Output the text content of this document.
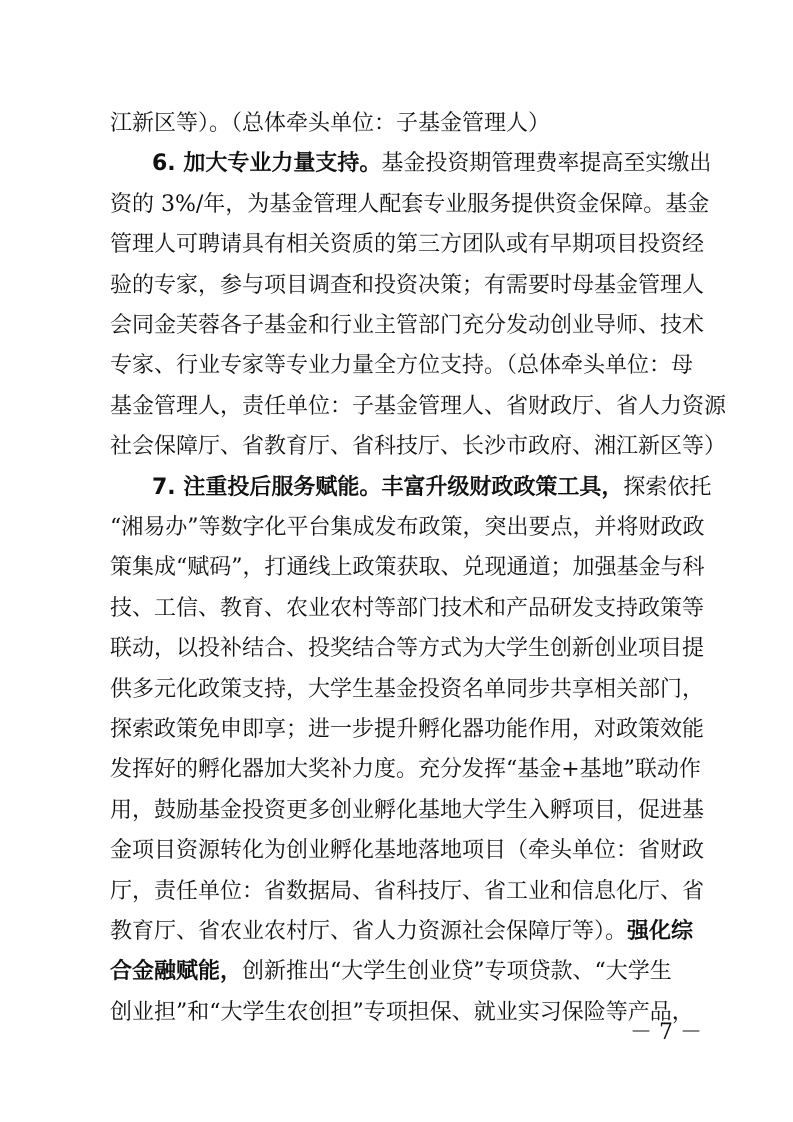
江新区等）。（总体牵头单位：子基金管理人）
6. 加大专业力量支持。基金投资期管理费率提高至实缴出
资的 3%/年，为基金管理人配套专业服务提供资金保障。基金
管理人可聘请具有相关资质的第三方团队或有早期项目投资经
验的专家，参与项目调查和投资决策；有需要时母基金管理人
会同金芙蓉各子基金和行业主管部门充分发动创业导师、技术
专家、行业专家等专业力量全方位支持。（总体牵头单位：母
基金管理人，责任单位：子基金管理人、省财政厅、省人力资源
社会保障厅、省教育厅、省科技厅、长沙市政府、湘江新区等）
7. 注重投后服务赋能。丰富升级财政政策工具，探索依托
“湘易办”等数字化平台集成发布政策，突出要点，并将财政政
策集成“赋码”，打通线上政策获取、兑现通道；加强基金与科
技、工信、教育、农业农村等部门技术和产品研发支持政策等
联动，以投补结合、投奖结合等方式为大学生创新创业项目提
供多元化政策支持，大学生基金投资名单同步共享相关部门，
探索政策免申即享；进一步提升孵化器功能作用，对政策效能
发挥好的孵化器加大奖补力度。充分发挥“基金+基地”联动作
用，鼓励基金投资更多创业孵化基地大学生入孵项目，促进基
金项目资源转化为创业孵化基地落地项目（牵头单位：省财政
厅，责任单位：省数据局、省科技厅、省工业和信息化厅、省
教育厅、省农业农村厅、省人力资源社会保障厅等）。强化综
合金融赋能，创新推出“大学生创业贷”专项贷款、“大学生
创业担”和“大学生农创担”专项担保、就业实习保险等产品，
－ 7 －
